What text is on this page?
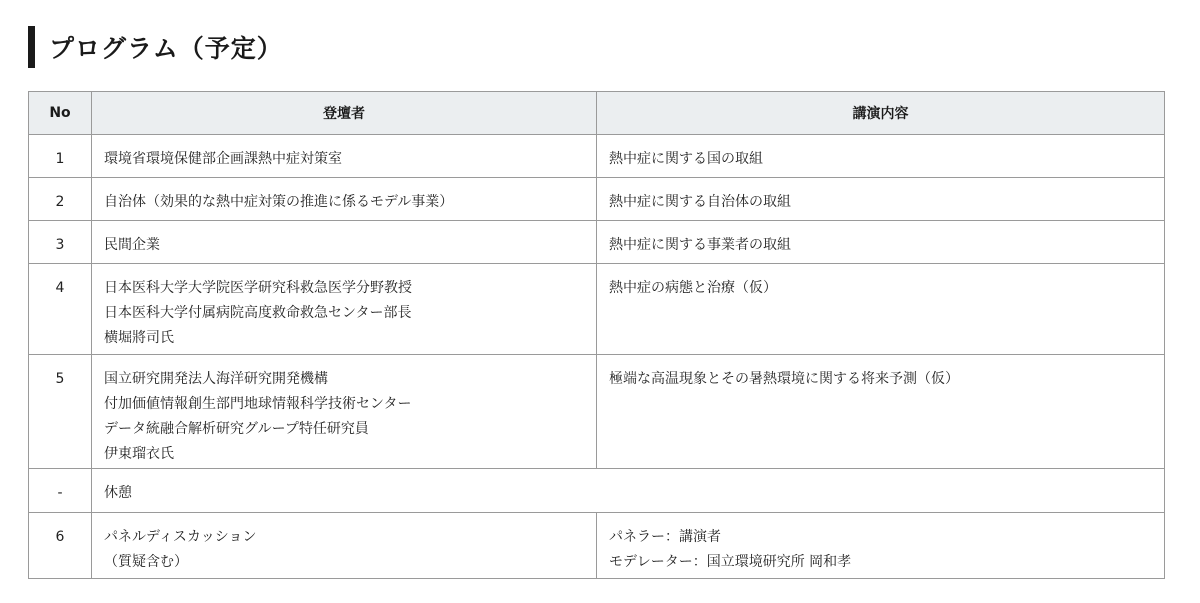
プログラム（予定）
No	登壇者	講演内容
1	環境省環境保健部企画課熱中症対策室	熱中症に関する国の取組

2	自治体（効果的な熱中症対策の推進に係るモデル事業）	熱中症に関する自治体の取組

3	民間企業	熱中症に関する事業者の取組

4	日本医科大学大学院医学研究科救急医学分野教授
日本医科大学付属病院高度救命救急センター部長
横堀將司氏	熱中症の病態と治療（仮）

5	国立研究開発法人海洋研究開発機構
付加価値情報創生部門地球情報科学技術センター
データ統融合解析研究グループ特任研究員
伊東瑠衣氏	極端な高温現象とその暑熱環境に関する将来予測（仮）

-	休憩	
6	パネルディスカッション
（質疑含む）	パネラー：講演者
モデレーター：国立環境研究所 岡和孝
